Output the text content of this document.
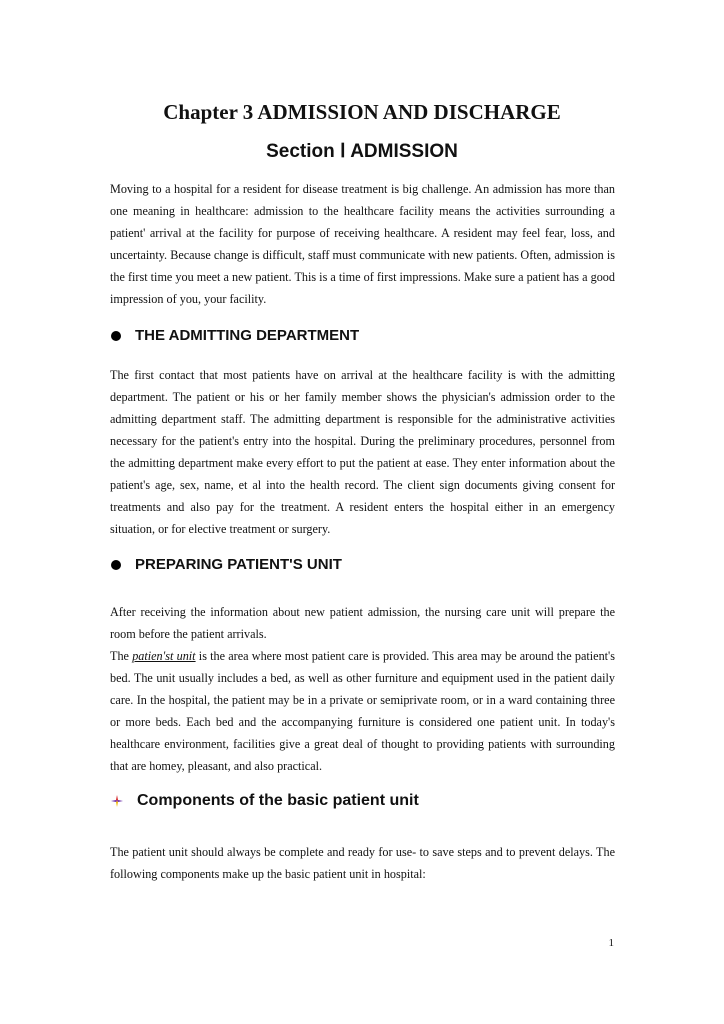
Chapter 3 ADMISSION AND DISCHARGE
Section Ⅰ ADMISSION

Moving to a hospital for a resident for disease treatment is big challenge. An admission has more than one meaning in healthcare: admission to the healthcare facility means the activities surrounding a patient' arrival at the facility for purpose of receiving healthcare. A resident may feel fear, loss, and uncertainty. Because change is difficult, staff must communicate with new patients. Often, admission is the first time you meet a new patient. This is a time of first impressions. Make sure a patient has a good impression of you, your facility.

THE ADMITTING DEPARTMENT

The first contact that most patients have on arrival at the healthcare facility is with the admitting department. The patient or his or her family member shows the physician's admission order to the admitting department staff. The admitting department is responsible for the administrative activities necessary for the patient's entry into the hospital. During the preliminary procedures, personnel from the admitting department make every effort to put the patient at ease. They enter information about the patient's age, sex, name, et al into the health record. The client sign documents giving consent for treatments and also pay for the treatment. A resident enters the hospital either in an emergency situation, or for elective treatment or surgery.

PREPARING PATIENT'S UNIT

After receiving the information about new patient admission, the nursing care unit will prepare the room before the patient arrivals.

The patien'st unit is the area where most patient care is provided. This area may be around the patient's bed. The unit usually includes a bed, as well as other furniture and equipment used in the patient daily care. In the hospital, the patient may be in a private or semiprivate room, or in a ward containing three or more beds. Each bed and the accompanying furniture is considered one patient unit. In today's healthcare environment, facilities give a great deal of thought to providing patients with surrounding that are homey, pleasant, and also practical.

Components of the basic patient unit

The patient unit should always be complete and ready for use- to save steps and to prevent delays. The following components make up the basic patient unit in hospital:

1
